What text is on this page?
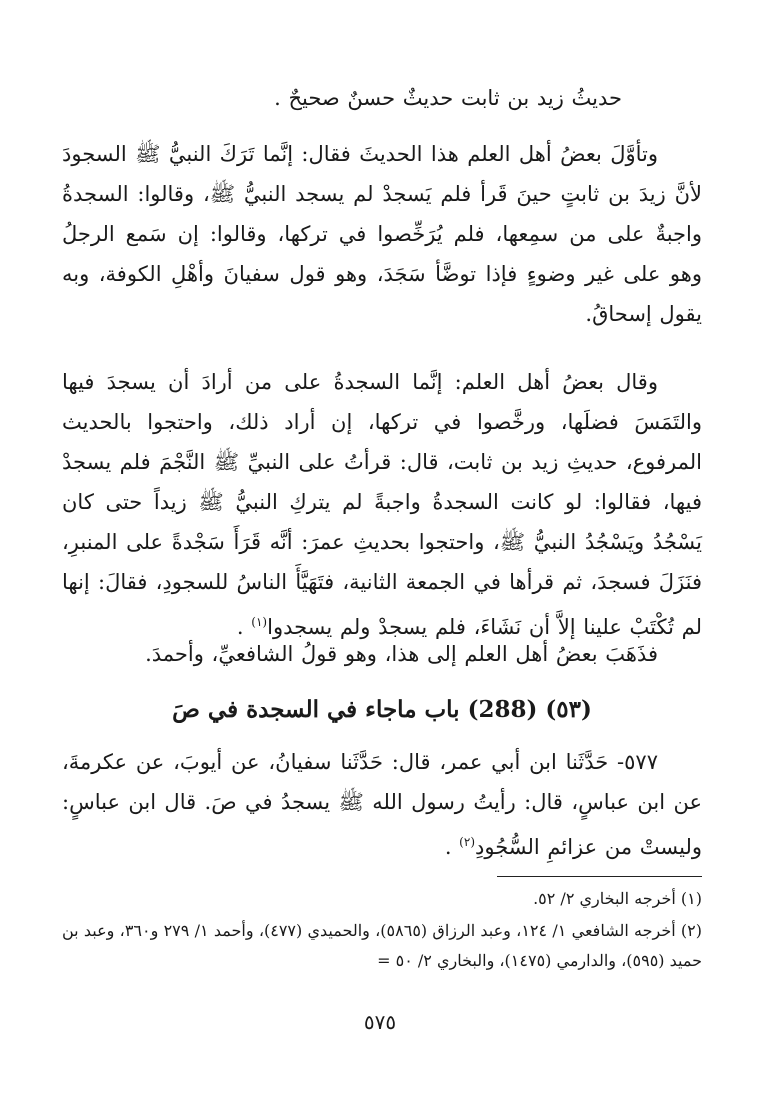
حديثُ زيد بن ثابت حديثٌ حسنٌ صحيحٌ .

وتأوَّلَ بعضُ أهل العلم هذا الحديثَ فقال: إنَّما تَرَكَ النبيُّ ﷺ السجودَ لأنَّ زيدَ بن ثابتٍ حينَ قَرأ فلم يَسجدْ لم يسجد النبيُّ ﷺ، وقالوا: السجدةُ واجبةٌ على من سمِعها، فلم يُرَخِّصوا في تركها، وقالوا: إن سَمع الرجلُ وهو على غير وضوءٍ فإذا توضَّأ سَجَدَ، وهو قول سفيانَ وأهْلِ الكوفة، وبه يقول إسحاقُ.

وقال بعضُ أهل العلم: إنَّما السجدةُ على من أرادَ أن يسجدَ فيها والتَمَسَ فضلَها، ورخَّصوا في تركها، إن أراد ذلك، واحتجوا بالحديث المرفوع، حديثِ زيد بن ثابت، قال: قرأتُ على النبيِّ ﷺ النَّجْمَ فلم يسجدْ فيها، فقالوا: لو كانت السجدةُ واجبةً لم يتركِ النبيُّ ﷺ زيداً حتى كان يَسْجُدُ ويَسْجُدُ النبيُّ ﷺ، واحتجوا بحديثِ عمرَ: أنَّه قَرَأَ سَجْدةً على المنبرِ، فنَزَلَ فسجدَ، ثم قرأها في الجمعة الثانية، فتَهَيَّأَ الناسُ للسجودِ، فقالَ: إنها لم تُكْتَبْ علينا إلاَّ أن نَشَاءَ، فلم يسجدْ ولم يسجدوا$^{(١)}$ .

فذَهَبَ بعضُ أهل العلم إلى هذا، وهو قولُ الشافعيِّ، وأحمدَ.

(٥٣) (288) باب ماجاء في السجدة في صَ

٥٧٧- حَدَّثَنا ابن أبي عمر، قال: حَدَّثَنا سفيانُ، عن أيوبَ، عن عكرمةَ، عن ابن عباسٍ، قال: رأيتُ رسول الله ﷺ يسجدُ في صَ. قال ابن عباسٍ: وليستْ من عزائمِ السُّجُودِ$^{(٢)}$ .

(١) أخرجه البخاري ٢/ ٥٢.

(٢) أخرجه الشافعي ١/ ١٢٤، وعبد الرزاق (٥٨٦٥)، والحميدي (٤٧٧)، وأحمد ١/ ٢٧٩ و٣٦٠، وعبد بن حميد (٥٩٥)، والدارمي (١٤٧٥)، والبخاري ٢/ ٥٠ =

٥٧٥
